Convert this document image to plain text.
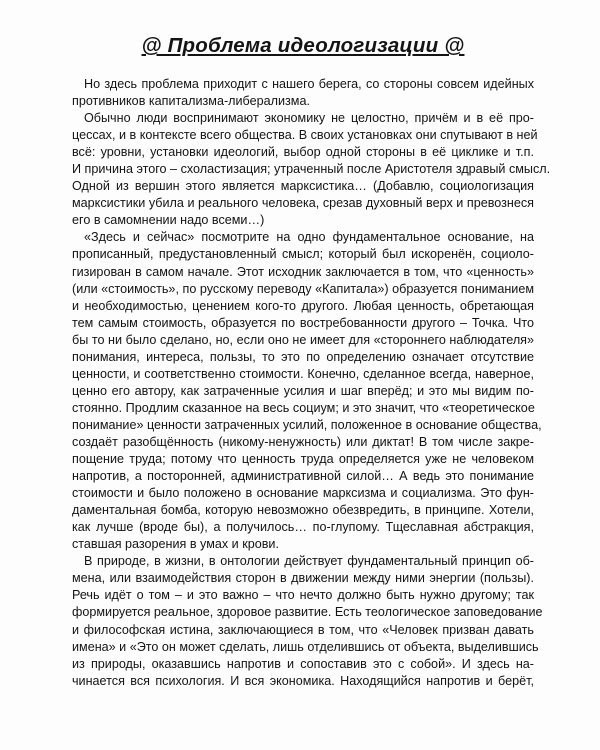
@ Проблема идеологизации @

Но здесь проблема приходит с нашего берега, со стороны совсем идейных
противников капитализма-либерализма.

Обычно люди воспринимают экономику не целостно, причём и в её про-
цессах, и в контексте всего общества. В своих установках они спутывают в ней
всё: уровни, установки идеологий, выбор одной стороны в её циклике и т.п.
И причина этого – схоластизация; утраченный после Аристотеля здравый смысл.
Одной из вершин этого является марксистика… (Добавлю, социологизация
марксистики убила и реального человека, срезав духовный верх и превознеся
его в самомнении надо всеми…)

«Здесь и сейчас» посмотрите на одно фундаментальное основание, на
прописанный, предустановленный смысл; который был искоренён, социоло-
гизирован в самом начале. Этот исходник заключается в том, что «ценность»
(или «стоимость», по русскому переводу «Капитала») образуется пониманием
и необходимостью, ценением кого-то другого. Любая ценность, обретающая
тем самым стоимость, образуется по востребованности другого – Точка. Что
бы то ни было сделано, но, если оно не имеет для «стороннего наблюдателя»
понимания, интереса, пользы, то это по определению означает отсутствие
ценности, и соответственно стоимости. Конечно, сделанное всегда, наверное,
ценно его автору, как затраченные усилия и шаг вперёд; и это мы видим по-
стоянно. Продлим сказанное на весь социум; и это значит, что «теоретическое
понимание» ценности затраченных усилий, положенное в основание общества,
создаёт разобщённость (никому-ненужность) или диктат! В том числе закре-
пощение труда; потому что ценность труда определяется уже не человеком
напротив, а посторонней, административной силой… А ведь это понимание
стоимости и было положено в основание марксизма и социализма. Это фун-
даментальная бомба, которую невозможно обезвредить, в принципе. Хотели,
как лучше (вроде бы), а получилось… по-глупому. Тщеславная абстракция,
ставшая разорения в умах и крови.

В природе, в жизни, в онтологии действует фундаментальный принцип об-
мена, или взаимодействия сторон в движении между ними энергии (пользы).
Речь идёт о том – и это важно – что нечто должно быть нужно другому; так
формируется реальное, здоровое развитие. Есть теологическое заповедование
и философская истина, заключающиеся в том, что «Человек призван давать
имена» и «Это он может сделать, лишь отделившись от объекта, выделившись
из природы, оказавшись напротив и сопоставив это с собой». И здесь на-
чинается вся психология. И вся экономика. Находящийся напротив и берёт,
